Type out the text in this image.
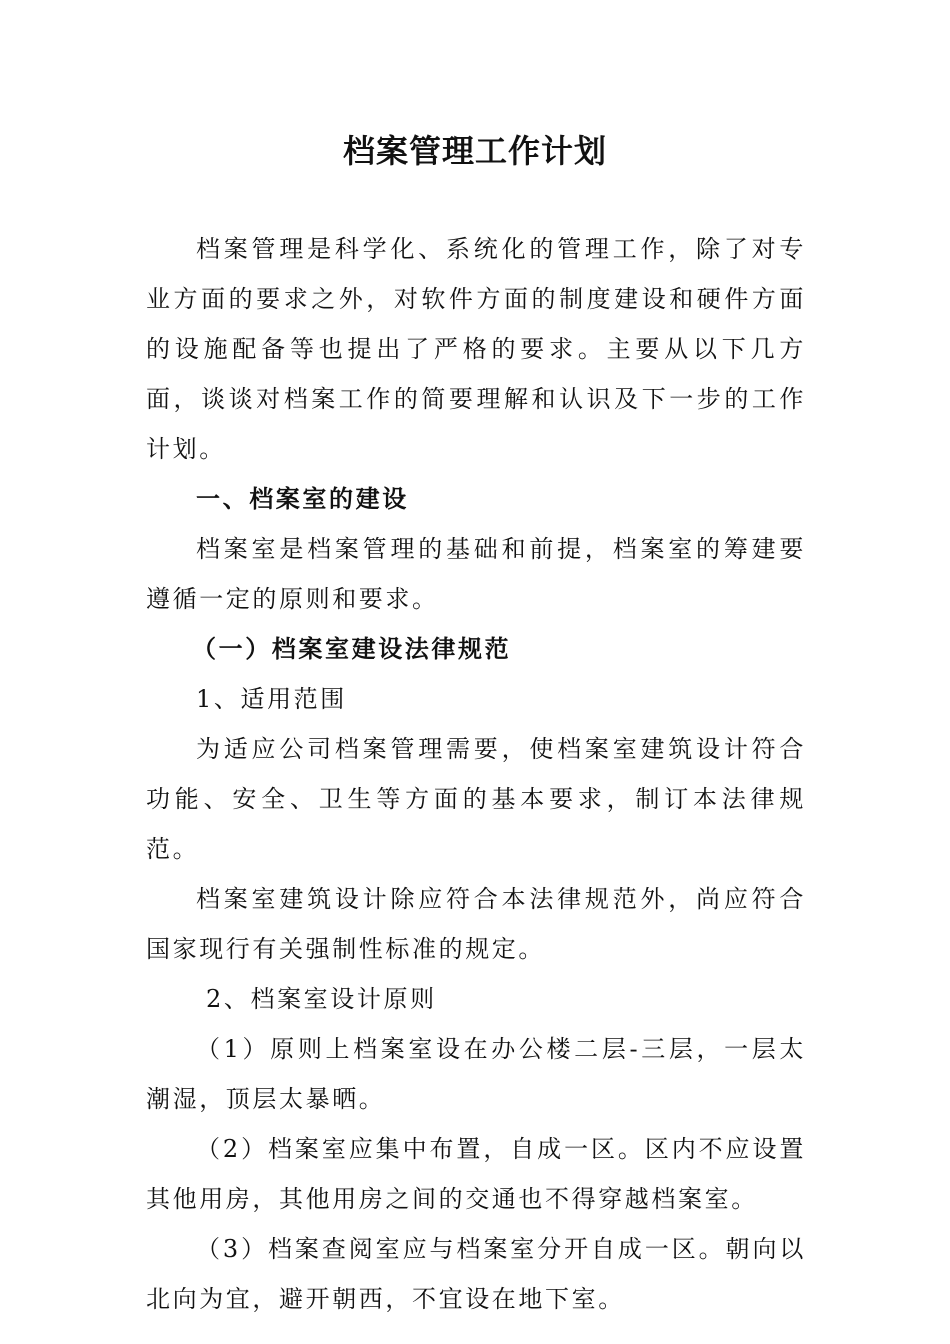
档案管理工作计划

档案管理是科学化、系统化的管理工作，除了对专业方面的要求之外，对软件方面的制度建设和硬件方面的设施配备等也提出了严格的要求。主要从以下几方面，谈谈对档案工作的简要理解和认识及下一步的工作计划。

一、档案室的建设

档案室是档案管理的基础和前提，档案室的筹建要遵循一定的原则和要求。

（一）档案室建设法律规范

1、适用范围

为适应公司档案管理需要，使档案室建筑设计符合功能、安全、卫生等方面的基本要求，制订本法律规范。

档案室建筑设计除应符合本法律规范外，尚应符合国家现行有关强制性标准的规定。

2、档案室设计原则

（1）原则上档案室设在办公楼二层-三层，一层太潮湿，顶层太暴晒。

（2）档案室应集中布置，自成一区。区内不应设置其他用房，其他用房之间的交通也不得穿越档案室。

（3）档案查阅室应与档案室分开自成一区。朝向以北向为宜，避开朝西，不宜设在地下室。
